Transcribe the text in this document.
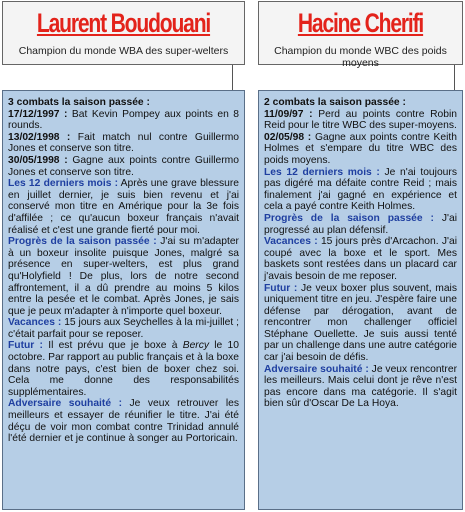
Laurent Boudouani
Champion du monde WBA des super-welters

3 combats la saison passée :

17/12/1997 : Bat Kevin Pompey aux points en 8 rounds.

13/02/1998 : Fait match nul contre Guillermo Jones et conserve son titre.

30/05/1998 : Gagne aux points contre Guillermo Jones et conserve son titre.

Les 12 derniers mois : Après une grave blessure en juillet dernier, je suis bien revenu et j'ai conservé mon titre en Amérique pour la 3e fois d'affilée ; ce qu'aucun boxeur français n'avait réalisé et c'est une grande fierté pour moi.

Progrès de la saison passée : J'ai su m'adapter à un boxeur insolite puisque Jones, malgré sa présence en super-welters, est plus grand qu'Holyfield ! De plus, lors de notre second affrontement, il a dû prendre au moins 5 kilos entre la pesée et le combat. Après Jones, je sais que je peux m'adapter à n'importe quel boxeur.

Vacances : 15 jours aux Seychelles à la mi-juillet ; c'était parfait pour se reposer.

Futur : Il est prévu que je boxe à Bercy le 10 octobre. Par rapport au public français et à la boxe dans notre pays, c'est bien de boxer chez soi. Cela me donne des responsabilités supplémentaires.

Adversaire souhaité : Je veux retrouver les meilleurs et essayer de réunifier le titre. J'ai été déçu de voir mon combat contre Trinidad annulé l'été dernier et je continue à songer au Portoricain.

Hacine Cherifi
Champion du monde WBC des poids moyens

2 combats la saison passée :

11/09/97 : Perd au points contre Robin Reid pour le titre WBC des super-moyens.

02/05/98 : Gagne aux points contre Keith Holmes et s'empare du titre WBC des poids moyens.

Les 12 derniers mois : Je n'ai toujours pas digéré ma défaite contre Reid ; mais finalement j'ai gagné en expérience et cela a payé contre Keith Holmes.

Progrès de la saison passée : J'ai progressé au plan défensif.

Vacances : 15 jours près d'Arcachon. J'ai coupé avec la boxe et le sport. Mes baskets sont restées dans un placard car j'avais besoin de me reposer.

Futur : Je veux boxer plus souvent, mais uniquement titre en jeu. J'espère faire une défense par dérogation, avant de rencontrer mon challenger officiel Stéphane Ouellette. Je suis aussi tenté par un challenge dans une autre catégorie car j'ai besoin de défis.

Adversaire souhaité : Je veux rencontrer les meilleurs. Mais celui dont je rêve n'est pas encore dans ma catégorie. Il s'agit bien sûr d'Oscar De La Hoya.
